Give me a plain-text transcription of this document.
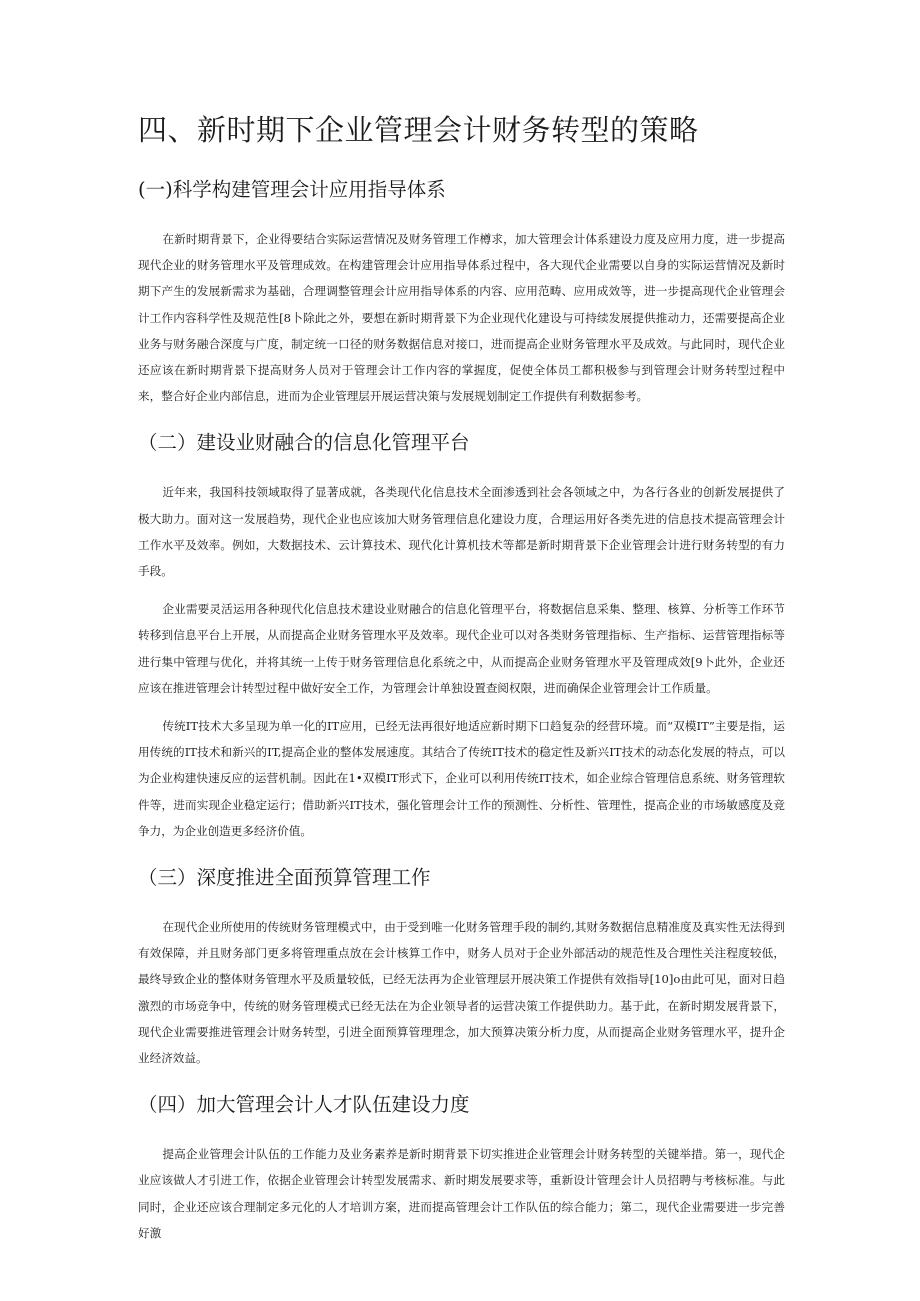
四、新时期下企业管理会计财务转型的策略
(一)科学构建管理会计应用指导体系

在新时期背景下，企业得要结合实际运营情况及财务管理工作樽求，加大管理会计体系建设力度及应用力度，进一步提高现代企业的财务管理水平及管理成效。在构建管理会计应用指导体系过程中，各大现代企业需要以自身的实际运营情况及新时期下产生的发展新需求为基础，合理调整管理会计应用指导体系的内容、应用范畴、应用成效等，进一步提高现代企业管理会计工作内容科学性及规范性[8卜除此之外，要想在新时期背景下为企业现代化建设与可持续发展提供推动力，还需要提高企业业务与财务融合深度与广度，制定统一口径的财务数据信息对接口，进而提高企业财务管理水平及成效。与此同时，现代企业还应该在新时期背景下提高财务人员对于管理会计工作内容的掌握度，促使全体员工都积极参与到管理会计财务转型过程中来，整合好企业内部信息，进而为企业管理层开展运营决策与发展规划制定工作提供有利数据参考。

（二）建设业财融合的信息化管理平台

近年来，我国科技领域取得了显著成就，各类现代化信息技术全面渗透到社会各领域之中，为各行各业的创新发展提供了极大助力。面对这一发展趋势，现代企业也应该加大财务管理信息化建设力度，合理运用好各类先进的信息技术提高管理会计工作水平及效率。例如，大数据技术、云计算技术、现代化计算机技术等都是新时期背景下企业管理会计进行财务转型的有力手段。

企业需要灵活运用各种现代化信息技术建设业财融合的信息化管理平台，将数据信息采集、整理、核算、分析等工作环节转移到信息平台上开展，从而提高企业财务管理水平及效率。现代企业可以对各类财务管理指标、生产指标、运营管理指标等进行集中管理与优化，并将其统一上传于财务管理信息化系统之中，从而提高企业财务管理水平及管理成效[9卜此外，企业还应该在推进管理会计转型过程中做好安全工作，为管理会计单独设置查阅权限，进而确保企业管理会计工作质量。

传统IT技术大多呈现为单一化的IT应用，已经无法再很好地适应新时期下口趋复杂的经营环境。而“双模IT”主要是指，运用传统的IT技术和新兴的IT,提高企业的整体发展速度。其结合了传统IT技术的稳定性及新兴IT技术的动态化发展的特点，可以为企业构建快速反应的运营机制。因此在1•双模IT形式下，企业可以利用传统IT技术，如企业综合管理信息系统、财务管理软件等，进而实现企业稳定运行；借助新兴IT技术，强化管理会计工作的预测性、分析性、管理性，提高企业的市场敏感度及竞争力，为企业创造更多经济价值。

（三）深度推进全面预算管理工作

在现代企业所使用的传统财务管理模式中，由于受到唯一化财务管理手段的制约,其财务数据信息精准度及真实性无法得到有效保障，并且财务部门更多将管理重点放在会计核算工作中，财务人员对于企业外部活动的规范性及合理性关注程度较低，最终导致企业的整体财务管理水平及质量较低，已经无法再为企业管理层开展决策工作提供有效指导[10]o由此可见，面对日趋激烈的市场竞争中，传统的财务管理模式已经无法在为企业领导者的运营决策工作提供助力。基于此，在新时期发展背景下，现代企业需要推进管理会计财务转型，引进全面预算管理理念，加大预算决策分析力度，从而提高企业财务管理水平，提升企业经济效益。

（四）加大管理会计人才队伍建设力度

提高企业管理会计队伍的工作能力及业务素养是新时期背景下切实推进企业管理会计财务转型的关键举措。第一，现代企业应该做人才引进工作，依据企业管理会计转型发展需求、新时期发展要求等，重新设计管理会计人员招聘与考核标准。与此同时，企业还应该合理制定多元化的人才培训方案，进而提高管理会计工作队伍的综合能力；第二，现代企业需要进一步完善好激
